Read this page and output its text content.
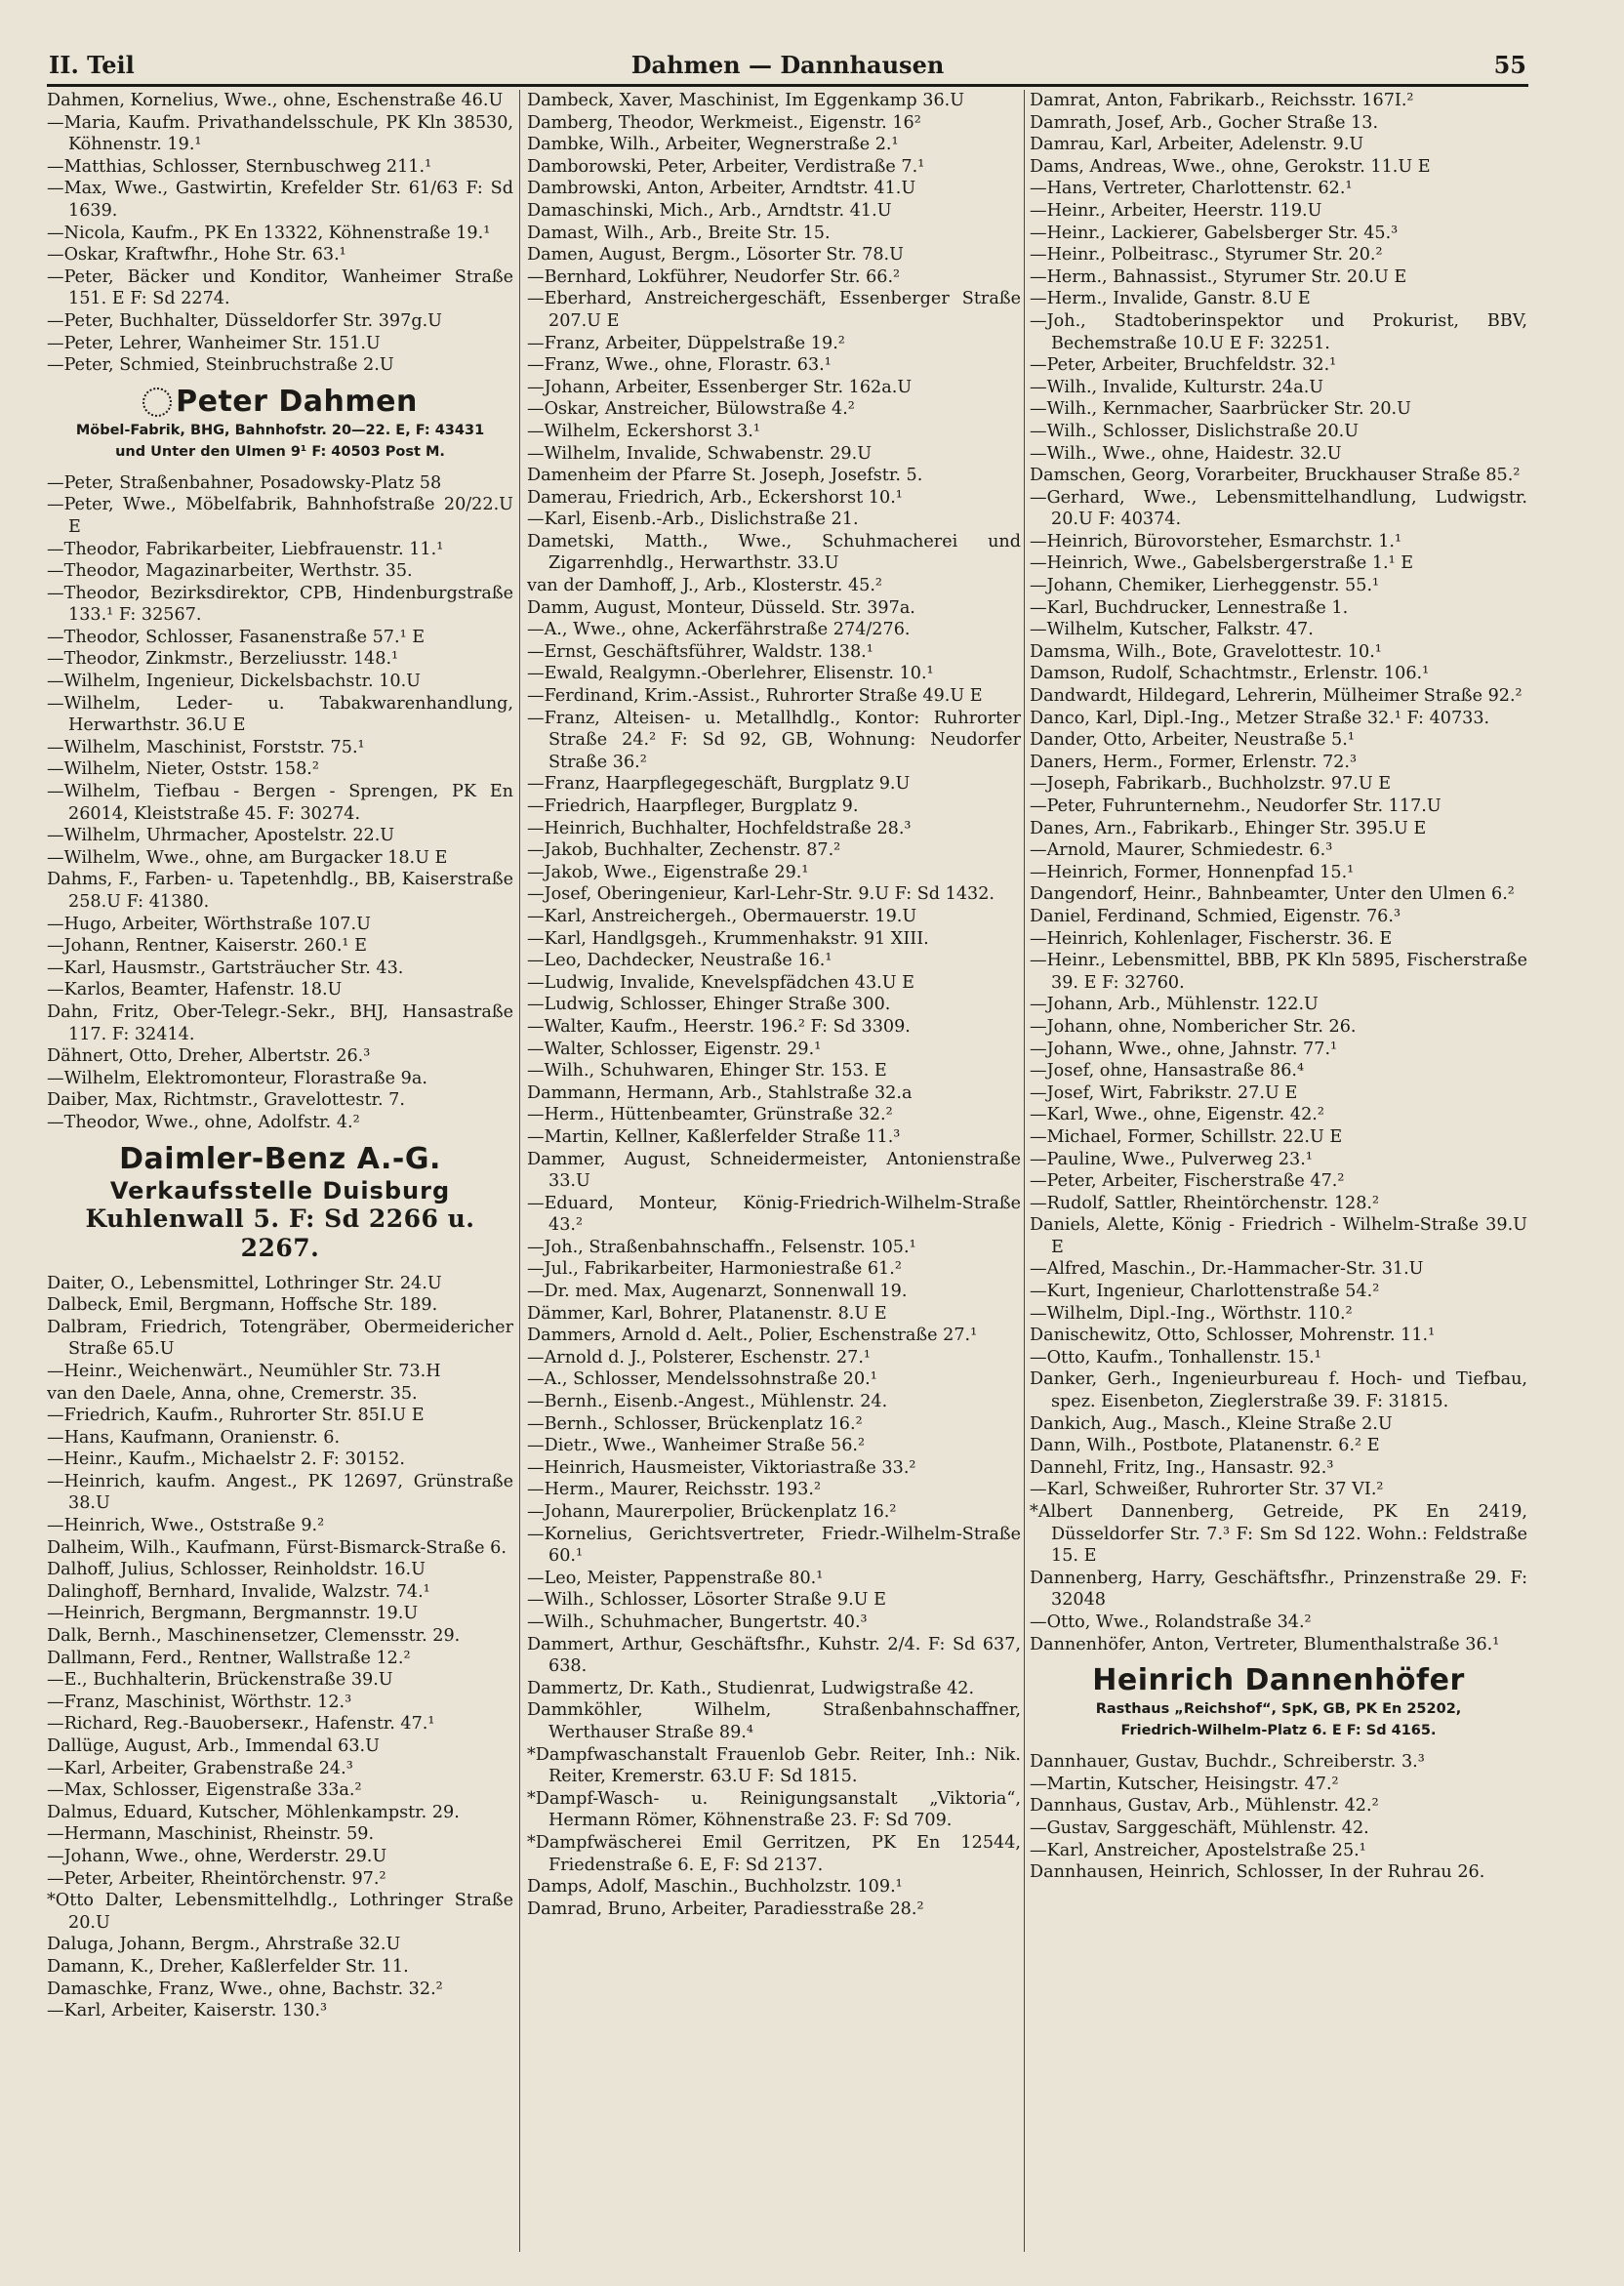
II. Teil	Dahmen — Dannhausen	55

Dahmen, Kornelius, Wwe., ohne, Eschenstraße 46.U

—Maria, Kaufm. Privathandelsschule, PK Kln 38530, Köhnenstr. 19.¹

—Matthias, Schlosser, Sternbuschweg 211.¹

—Max, Wwe., Gastwirtin, Krefelder Str. 61/63 F: Sd 1639.

—Nicola, Kaufm., PK En 13322, Köhnenstraße 19.¹

—Oskar, Kraftwfhr., Hohe Str. 63.¹

—Peter, Bäcker und Konditor, Wanheimer Straße 151. E F: Sd 2274.

—Peter, Buchhalter, Düsseldorfer Str. 397g.U

—Peter, Lehrer, Wanheimer Str. 151.U

—Peter, Schmied, Steinbruchstraße 2.U

Peter Dahmen
Möbel-Fabrik, BHG, Bahnhofstr. 20—22. E, F: 43431
und Unter den Ulmen 9¹ F: 40503 Post M.

—Peter, Straßenbahner, Posadowsky-Platz 58

—Peter, Wwe., Möbelfabrik, Bahnhofstraße 20/22.U E

—Theodor, Fabrikarbeiter, Liebfrauenstr. 11.¹

—Theodor, Magazinarbeiter, Werthstr. 35.

—Theodor, Bezirksdirektor, CPB, Hindenburgstraße 133.¹ F: 32567.

—Theodor, Schlosser, Fasanenstraße 57.¹ E

—Theodor, Zinkmstr., Berzeliusstr. 148.¹

—Wilhelm, Ingenieur, Dickelsbachstr. 10.U

—Wilhelm, Leder- u. Tabakwarenhandlung, Herwarthstr. 36.U E

—Wilhelm, Maschinist, Forststr. 75.¹

—Wilhelm, Nieter, Oststr. 158.²

—Wilhelm, Tiefbau - Bergen - Sprengen, PK En 26014, Kleiststraße 45. F: 30274.

—Wilhelm, Uhrmacher, Apostelstr. 22.U

—Wilhelm, Wwe., ohne, am Burgacker 18.U E

Dahms, F., Farben- u. Tapetenhdlg., BB, Kaiserstraße 258.U F: 41380.

—Hugo, Arbeiter, Wörthstraße 107.U

—Johann, Rentner, Kaiserstr. 260.¹ E

—Karl, Hausmstr., Gartsträucher Str. 43.

—Karlos, Beamter, Hafenstr. 18.U

Dahn, Fritz, Ober-Telegr.-Sekr., BHJ, Hansastraße 117. F: 32414.

Dähnert, Otto, Dreher, Albertstr. 26.³

—Wilhelm, Elektromonteur, Florastraße 9a.

Daiber, Max, Richtmstr., Gravelottestr. 7.

—Theodor, Wwe., ohne, Adolfstr. 4.²

Daimler-Benz A.-G.
Verkaufsstelle Duisburg
Kuhlenwall 5. F: Sd 2266 u. 2267.

Daiter, O., Lebensmittel, Lothringer Str. 24.U

Dalbeck, Emil, Bergmann, Hoffsche Str. 189.

Dalbram, Friedrich, Totengräber, Obermeidericher Straße 65.U

—Heinr., Weichenwärt., Neumühler Str. 73.H

van den Daele, Anna, ohne, Cremerstr. 35.

—Friedrich, Kaufm., Ruhrorter Str. 85I.U E

—Hans, Kaufmann, Oranienstr. 6.

—Heinr., Kaufm., Michaelstr 2. F: 30152.

—Heinrich, kaufm. Angest., PK 12697, Grünstraße 38.U

—Heinrich, Wwe., Oststraße 9.²

Dalheim, Wilh., Kaufmann, Fürst-Bismarck-Straße 6.

Dalhoff, Julius, Schlosser, Reinholdstr. 16.U

Dalinghoff, Bernhard, Invalide, Walzstr. 74.¹

—Heinrich, Bergmann, Bergmannstr. 19.U

Dalk, Bernh., Maschinensetzer, Clemensstr. 29.

Dallmann, Ferd., Rentner, Wallstraße 12.²

—E., Buchhalterin, Brückenstraße 39.U

—Franz, Maschinist, Wörthstr. 12.³

—Richard, Reg.-Bauoberseкr., Hafenstr. 47.¹

Dallüge, August, Arb., Immendal 63.U

—Karl, Arbeiter, Grabenstraße 24.³

—Max, Schlosser, Eigenstraße 33a.²

Dalmus, Eduard, Kutscher, Möhlenkampstr. 29.

—Hermann, Maschinist, Rheinstr. 59.

—Johann, Wwe., ohne, Werderstr. 29.U

—Peter, Arbeiter, Rheintörchenstr. 97.²

*Otto Dalter, Lebensmittelhdlg., Lothringer Straße 20.U

Daluga, Johann, Bergm., Ahrstraße 32.U

Damann, K., Dreher, Kaßlerfelder Str. 11.

Damaschke, Franz, Wwe., ohne, Bachstr. 32.²

—Karl, Arbeiter, Kaiserstr. 130.³

Dambeck, Xaver, Maschinist, Im Eggenkamp 36.U

Damberg, Theodor, Werkmeist., Eigenstr. 16²

Dambke, Wilh., Arbeiter, Wegnerstraße 2.¹

Damborowski, Peter, Arbeiter, Verdistraße 7.¹

Dambrowski, Anton, Arbeiter, Arndtstr. 41.U

Damaschinski, Mich., Arb., Arndtstr. 41.U

Damast, Wilh., Arb., Breite Str. 15.

Damen, August, Bergm., Lösorter Str. 78.U

—Bernhard, Lokführer, Neudorfer Str. 66.²

—Eberhard, Anstreichergeschäft, Essenberger Straße 207.U E

—Franz, Arbeiter, Düppelstraße 19.²

—Franz, Wwe., ohne, Florastr. 63.¹

—Johann, Arbeiter, Essenberger Str. 162a.U

—Oskar, Anstreicher, Bülowstraße 4.²

—Wilhelm, Eckershorst 3.¹

—Wilhelm, Invalide, Schwabenstr. 29.U

Damenheim der Pfarre St. Joseph, Josefstr. 5.

Damerau, Friedrich, Arb., Eckershorst 10.¹

—Karl, Eisenb.-Arb., Dislichstraße 21.

Dametski, Matth., Wwe., Schuhmacherei und Zigarrenhdlg., Herwarthstr. 33.U

van der Damhoff, J., Arb., Klosterstr. 45.²

Damm, August, Monteur, Düsseld. Str. 397a.

—A., Wwe., ohne, Ackerfährstraße 274/276.

—Ernst, Geschäftsführer, Waldstr. 138.¹

—Ewald, Realgymn.-Oberlehrer, Elisenstr. 10.¹

—Ferdinand, Krim.-Assist., Ruhrorter Straße 49.U E

—Franz, Alteisen- u. Metallhdlg., Kontor: Ruhrorter Straße 24.² F: Sd 92, GB, Wohnung: Neudorfer Straße 36.²

—Franz, Haarpflegegeschäft, Burgplatz 9.U

—Friedrich, Haarpfleger, Burgplatz 9.

—Heinrich, Buchhalter, Hochfeldstraße 28.³

—Jakob, Buchhalter, Zechenstr. 87.²

—Jakob, Wwe., Eigenstraße 29.¹

—Josef, Oberingenieur, Karl-Lehr-Str. 9.U F: Sd 1432.

—Karl, Anstreichergeh., Obermauerstr. 19.U

—Karl, Handlgsgeh., Krummenhakstr. 91 XIII.

—Leo, Dachdecker, Neustraße 16.¹

—Ludwig, Invalide, Knevelspfädchen 43.U E

—Ludwig, Schlosser, Ehinger Straße 300.

—Walter, Kaufm., Heerstr. 196.² F: Sd 3309.

—Walter, Schlosser, Eigenstr. 29.¹

—Wilh., Schuhwaren, Ehinger Str. 153. E

Dammann, Hermann, Arb., Stahlstraße 32.a

—Herm., Hüttenbeamter, Grünstraße 32.²

—Martin, Kellner, Kaßlerfelder Straße 11.³

Dammer, August, Schneidermeister, Antonienstraße 33.U

—Eduard, Monteur, König-Friedrich-Wilhelm-Straße 43.²

—Joh., Straßenbahnschaffn., Felsenstr. 105.¹

—Jul., Fabrikarbeiter, Harmoniestraße 61.²

—Dr. med. Max, Augenarzt, Sonnenwall 19.

Dämmer, Karl, Bohrer, Platanenstr. 8.U E

Dammers, Arnold d. Aelt., Polier, Eschenstraße 27.¹

—Arnold d. J., Polsterer, Eschenstr. 27.¹

—A., Schlosser, Mendelssohnstraße 20.¹

—Bernh., Eisenb.-Angest., Mühlenstr. 24.

—Bernh., Schlosser, Brückenplatz 16.²

—Dietr., Wwe., Wanheimer Straße 56.²

—Heinrich, Hausmeister, Viktoriastraße 33.²

—Herm., Maurer, Reichsstr. 193.²

—Johann, Maurerpolier, Brückenplatz 16.²

—Kornelius, Gerichtsvertreter, Friedr.-Wilhelm-Straße 60.¹

—Leo, Meister, Pappenstraße 80.¹

—Wilh., Schlosser, Lösorter Straße 9.U E

—Wilh., Schuhmacher, Bungertstr. 40.³

Dammert, Arthur, Geschäftsfhr., Kuhstr. 2/4. F: Sd 637, 638.

Dammertz, Dr. Kath., Studienrat, Ludwigstraße 42.

Dammköhler, Wilhelm, Straßenbahnschaffner, Werthauser Straße 89.⁴

*Dampfwaschanstalt Frauenlob Gebr. Reiter, Inh.: Nik. Reiter, Kremerstr. 63.U F: Sd 1815.

*Dampf-Wasch- u. Reinigungsanstalt „Viktoria“, Hermann Römer, Köhnenstraße 23. F: Sd 709.

*Dampfwäscherei Emil Gerritzen, PK En 12544, Friedenstraße 6. E, F: Sd 2137.

Damps, Adolf, Maschin., Buchholzstr. 109.¹

Damrad, Bruno, Arbeiter, Paradiesstraße 28.²

Damrat, Anton, Fabrikarb., Reichsstr. 167I.²

Damrath, Josef, Arb., Gocher Straße 13.

Damrau, Karl, Arbeiter, Adelenstr. 9.U

Dams, Andreas, Wwe., ohne, Gerokstr. 11.U E

—Hans, Vertreter, Charlottenstr. 62.¹

—Heinr., Arbeiter, Heerstr. 119.U

—Heinr., Lackierer, Gabelsberger Str. 45.³

—Heinr., Polbeitrasс., Styrumer Str. 20.²

—Herm., Bahnassist., Styrumer Str. 20.U E

—Herm., Invalide, Ganstr. 8.U E

—Joh., Stadtoberinspektor und Prokurist, BBV, Bechemstraße 10.U E F: 32251.

—Peter, Arbeiter, Bruchfeldstr. 32.¹

—Wilh., Invalide, Kulturstr. 24a.U

—Wilh., Kernmacher, Saarbrücker Str. 20.U

—Wilh., Schlosser, Dislichstraße 20.U

—Wilh., Wwe., ohne, Haidestr. 32.U

Damschen, Georg, Vorarbeiter, Bruckhauser Straße 85.²

—Gerhard, Wwe., Lebensmittelhandlung, Ludwigstr. 20.U F: 40374.

—Heinrich, Bürovorsteher, Esmarchstr. 1.¹

—Heinrich, Wwe., Gabelsbergerstraße 1.¹ E

—Johann, Chemiker, Lierheggenstr. 55.¹

—Karl, Buchdrucker, Lennestraße 1.

—Wilhelm, Kutscher, Falkstr. 47.

Damsma, Wilh., Bote, Gravelottestr. 10.¹

Damson, Rudolf, Schachtmstr., Erlenstr. 106.¹

Dandwardt, Hildegard, Lehrerin, Mülheimer Straße 92.²

Danco, Karl, Dipl.-Ing., Metzer Straße 32.¹ F: 40733.

Dander, Otto, Arbeiter, Neustraße 5.¹

Daners, Herm., Former, Erlenstr. 72.³

—Joseph, Fabrikarb., Buchholzstr. 97.U E

—Peter, Fuhrunternehm., Neudorfer Str. 117.U

Danes, Arn., Fabrikarb., Ehinger Str. 395.U E

—Arnold, Maurer, Schmiedestr. 6.³

—Heinrich, Former, Honnenpfad 15.¹

Dangendorf, Heinr., Bahnbeamter, Unter den Ulmen 6.²

Daniel, Ferdinand, Schmied, Eigenstr. 76.³

—Heinrich, Kohlenlager, Fischerstr. 36. E

—Heinr., Lebensmittel, BBB, PK Kln 5895, Fischerstraße 39. E F: 32760.

—Johann, Arb., Mühlenstr. 122.U

—Johann, ohne, Nombericher Str. 26.

—Johann, Wwe., ohne, Jahnstr. 77.¹

—Josef, ohne, Hansastraße 86.⁴

—Josef, Wirt, Fabrikstr. 27.U E

—Karl, Wwe., ohne, Eigenstr. 42.²

—Michael, Former, Schillstr. 22.U E

—Pauline, Wwe., Pulverweg 23.¹

—Peter, Arbeiter, Fischerstraße 47.²

—Rudolf, Sattler, Rheintörchenstr. 128.²

Daniels, Alette, König - Friedrich - Wilhelm-Straße 39.U E

—Alfred, Maschin., Dr.-Hammacher-Str. 31.U

—Kurt, Ingenieur, Charlottenstraße 54.²

—Wilhelm, Dipl.-Ing., Wörthstr. 110.²

Danischewitz, Otto, Schlosser, Mohrenstr. 11.¹

—Otto, Kaufm., Tonhallenstr. 15.¹

Danker, Gerh., Ingenieurbureau f. Hoch- und Tiefbau, spez. Eisenbeton, Zieglerstraße 39. F: 31815.

Dankich, Aug., Masch., Kleine Straße 2.U

Dann, Wilh., Postbote, Platanenstr. 6.² E

Dannehl, Fritz, Ing., Hansastr. 92.³

—Karl, Schweißer, Ruhrorter Str. 37 VI.²

*Albert Dannenberg, Getreide, PK En 2419, Düsseldorfer Str. 7.³ F: Sm Sd 122. Wohn.: Feldstraße 15. E

Dannenberg, Harry, Geschäftsfhr., Prinzenstraße 29. F: 32048

—Otto, Wwe., Rolandstraße 34.²

Dannenhöfer, Anton, Vertreter, Blumenthalstraße 36.¹

Heinrich Dannenhöfer
Rasthaus „Reichshof“, SpK, GB, PK En 25202,
Friedrich-Wilhelm-Platz 6. E F: Sd 4165.

Dannhauer, Gustav, Buchdr., Schreiberstr. 3.³

—Martin, Kutscher, Heisingstr. 47.²

Dannhaus, Gustav, Arb., Mühlenstr. 42.²

—Gustav, Sarggeschäft, Mühlenstr. 42.

—Karl, Anstreicher, Apostelstraße 25.¹

Dannhausen, Heinrich, Schlosser, In der Ruhrau 26.
